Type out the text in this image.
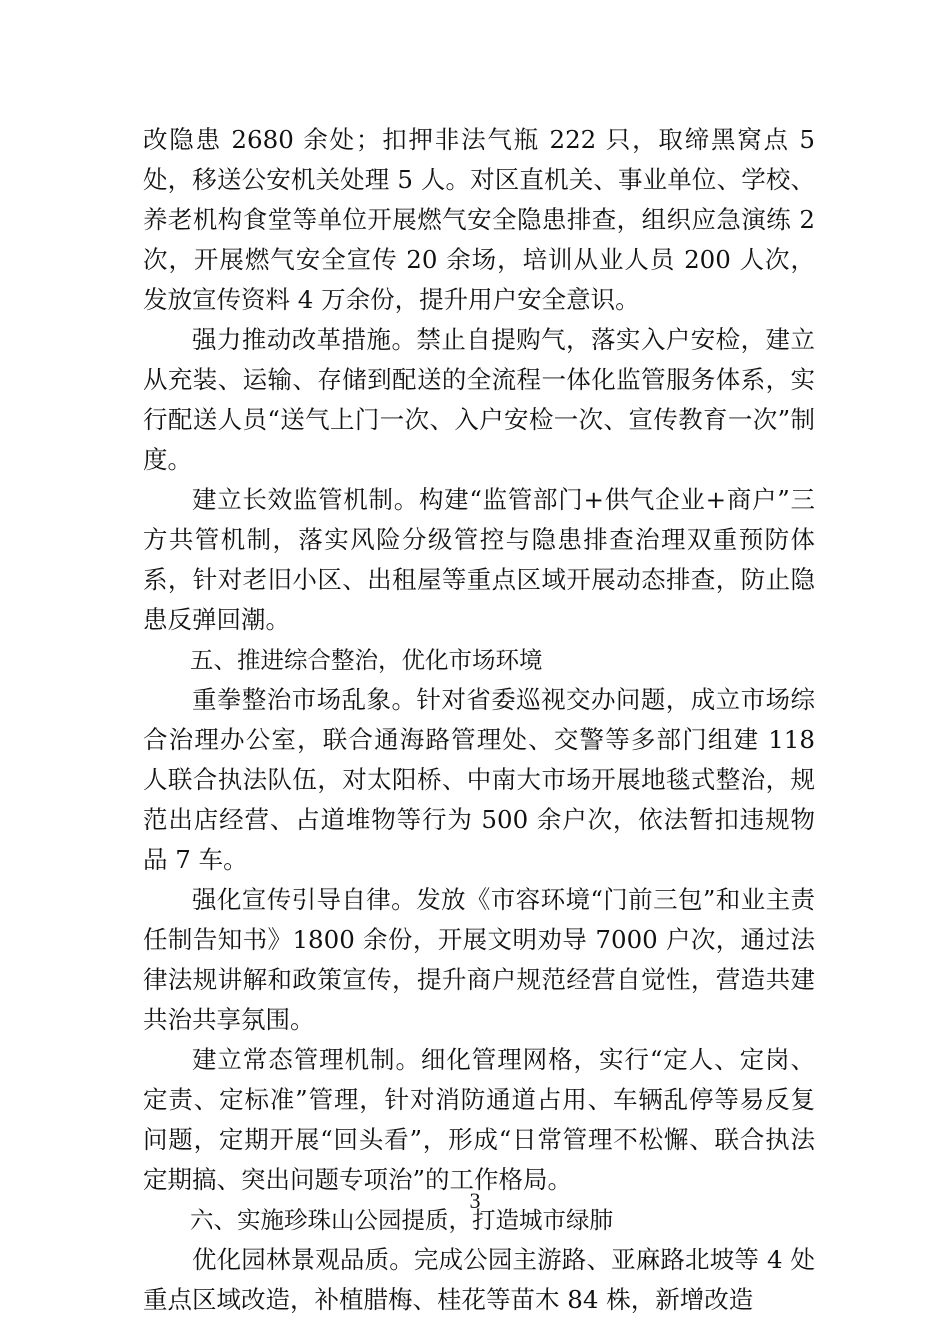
改隐患 2680 余处；扣押非法气瓶 222 只，取缔黑窝点 5 处，移送公安机关处理 5 人。对区直机关、事业单位、学校、养老机构食堂等单位开展燃气安全隐患排查，组织应急演练 2 次，开展燃气安全宣传 20 余场，培训从业人员 200 人次，发放宣传资料 4 万余份，提升用户安全意识。

强力推动改革措施。禁止自提购气，落实入户安检，建立从充装、运输、存储到配送的全流程一体化监管服务体系，实行配送人员“送气上门一次、入户安检一次、宣传教育一次”制度。

建立长效监管机制。构建“监管部门+供气企业+商户”三方共管机制，落实风险分级管控与隐患排查治理双重预防体系，针对老旧小区、出租屋等重点区域开展动态排查，防止隐患反弹回潮。

五、推进综合整治，优化市场环境

重拳整治市场乱象。针对省委巡视交办问题，成立市场综合治理办公室，联合通海路管理处、交警等多部门组建 118 人联合执法队伍，对太阳桥、中南大市场开展地毯式整治，规范出店经营、占道堆物等行为 500 余户次，依法暂扣违规物品 7 车。

强化宣传引导自律。发放《市容环境“门前三包”和业主责任制告知书》1800 余份，开展文明劝导 7000 户次，通过法律法规讲解和政策宣传，提升商户规范经营自觉性，营造共建共治共享氛围。

建立常态管理机制。细化管理网格，实行“定人、定岗、定责、定标准”管理，针对消防通道占用、车辆乱停等易反复问题，定期开展“回头看”，形成“日常管理不松懈、联合执法定期搞、突出问题专项治”的工作格局。

六、实施珍珠山公园提质，打造城市绿肺

优化园林景观品质。完成公园主游路、亚麻路北坡等 4 处重点区域改造，补植腊梅、桂花等苗木 84 株，新增改造

3
